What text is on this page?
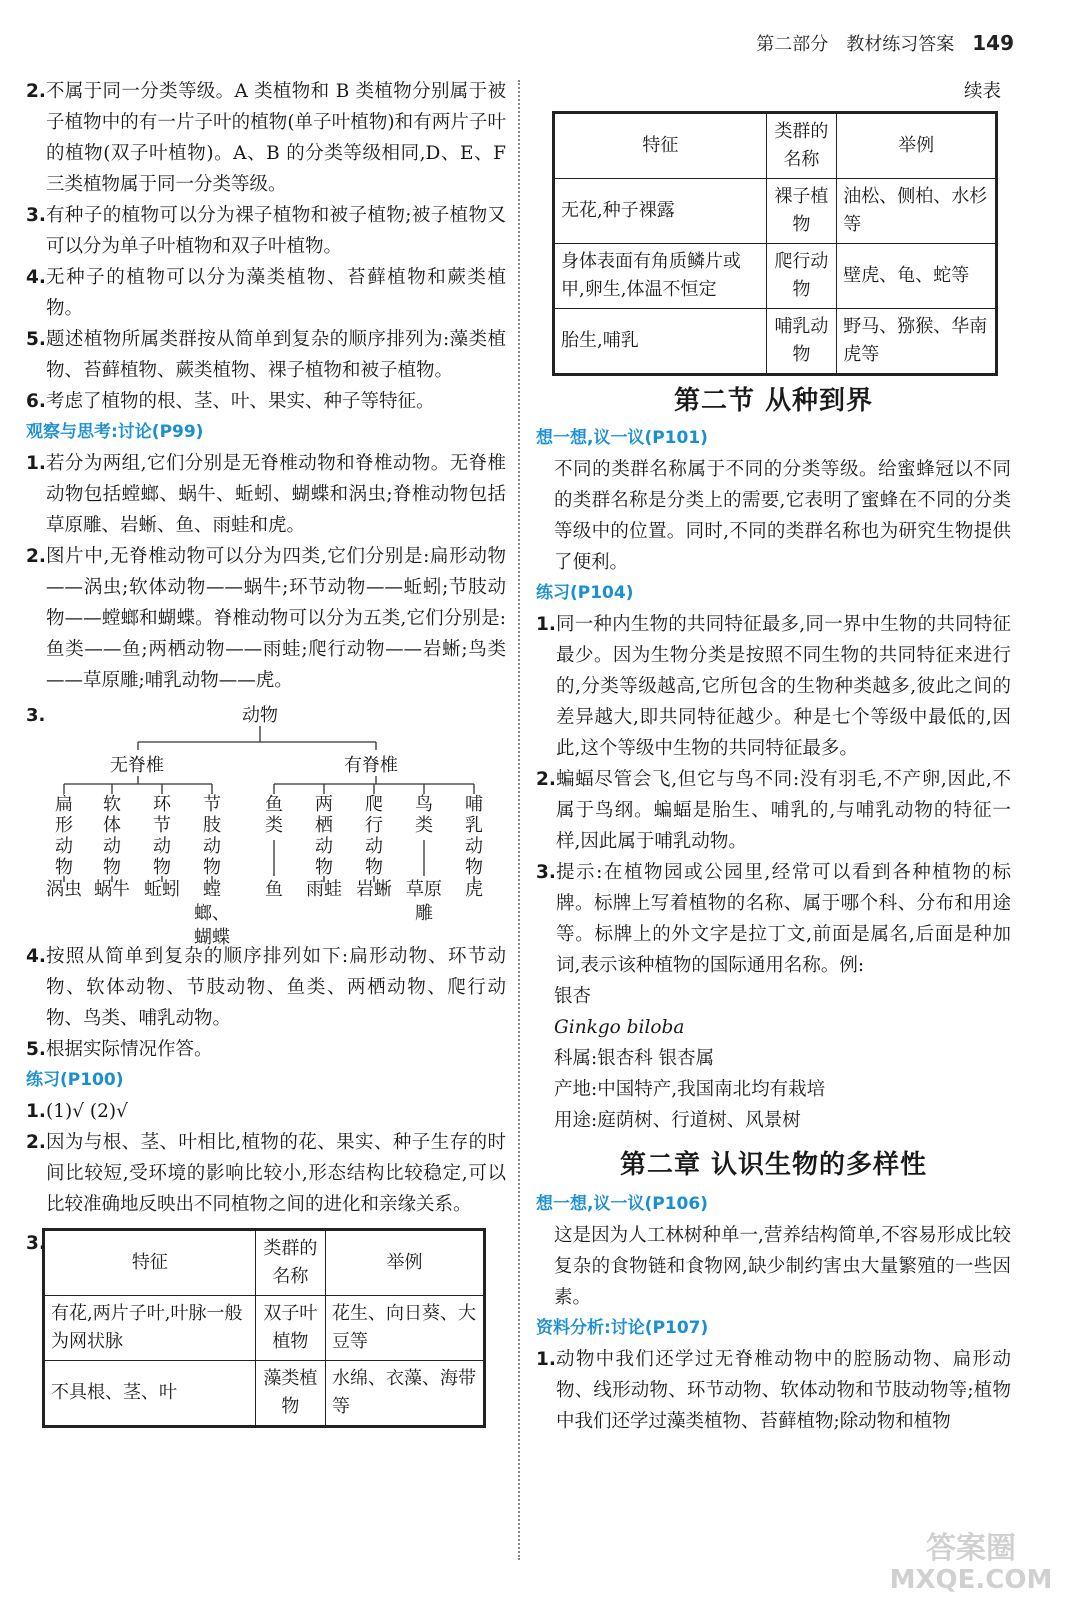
第二部分 教材练习答案 149
2. 不属于同一分类等级。A 类植物和 B 类植物分别属于被子植物中的有一片子叶的植物(单子叶植物)和有两片子叶的植物(双子叶植物)。A、B 的分类等级相同,D、E、F 三类植物属于同一分类等级。
3. 有种子的植物可以分为裸子植物和被子植物;被子植物又可以分为单子叶植物和双子叶植物。
4. 无种子的植物可以分为藻类植物、苔藓植物和蕨类植物。
5. 题述植物所属类群按从简单到复杂的顺序排列为:藻类植物、苔藓植物、蕨类植物、裸子植物和被子植物。
6. 考虑了植物的根、茎、叶、果实、种子等特征。
观察与思考:讨论(P99)
1. 若分为两组,它们分别是无脊椎动物和脊椎动物。无脊椎动物包括螳螂、蜗牛、蚯蚓、蝴蝶和涡虫;脊椎动物包括草原雕、岩蜥、鱼、雨蛙和虎。
2. 图片中,无脊椎动物可以分为四类,它们分别是:扁形动物——涡虫;软体动物——蜗牛;环节动物——蚯蚓;节肢动物——螳螂和蝴蝶。脊椎动物可以分为五类,它们分别是:鱼类——鱼;两栖动物——雨蛙;爬行动物——岩蜥;鸟类——草原雕;哺乳动物——虎。
3.	动物
无脊椎	有脊椎
扁形动物
涡虫
软体动物
蜗牛
环节动物
蚯蚓
节肢动物
螳螂、蝴蝶
鱼类
鱼
两栖动物
雨蛙
爬行动物
岩蜥
鸟类
草原雕
哺乳动物
虎
4. 按照从简单到复杂的顺序排列如下:扁形动物、环节动物、软体动物、节肢动物、鱼类、两栖动物、爬行动物、鸟类、哺乳动物。
5. 根据实际情况作答。
练习(P100)
1. (1)√ (2)√
2. 因为与根、茎、叶相比,植物的花、果实、种子生存的时间比较短,受环境的影响比较小,形态结构比较稳定,可以比较准确地反映出不同植物之间的进化和亲缘关系。
3.
特征	类群的名称	举例
有花,两片子叶,叶脉一般为网状脉	双子叶植物	花生、向日葵、大豆等
不具根、茎、叶	藻类植物	水绵、衣藻、海带等
续表
特征	类群的名称	举例
无花,种子裸露	裸子植物	油松、侧柏、水杉等
身体表面有角质鳞片或甲,卵生,体温不恒定	爬行动物	壁虎、龟、蛇等
胎生,哺乳	哺乳动物	野马、猕猴、华南虎等
第二节 从种到界
想一想,议一议(P101)
不同的类群名称属于不同的分类等级。给蜜蜂冠以不同的类群名称是分类上的需要,它表明了蜜蜂在不同的分类等级中的位置。同时,不同的类群名称也为研究生物提供了便利。
练习(P104)
1. 同一种内生物的共同特征最多,同一界中生物的共同特征最少。因为生物分类是按照不同生物的共同特征来进行的,分类等级越高,它所包含的生物种类越多,彼此之间的差异越大,即共同特征越少。种是七个等级中最低的,因此,这个等级中生物的共同特征最多。
2. 蝙蝠尽管会飞,但它与鸟不同:没有羽毛,不产卵,因此,不属于鸟纲。蝙蝠是胎生、哺乳的,与哺乳动物的特征一样,因此属于哺乳动物。
3. 提示:在植物园或公园里,经常可以看到各种植物的标牌。标牌上写着植物的名称、属于哪个科、分布和用途等。标牌上的外文字是拉丁文,前面是属名,后面是种加词,表示该种植物的国际通用名称。例:
银杏
Ginkgo biloba
科属:银杏科 银杏属
产地:中国特产,我国南北均有栽培
用途:庭荫树、行道树、风景树
第二章 认识生物的多样性
想一想,议一议(P106)
这是因为人工林树种单一,营养结构简单,不容易形成比较复杂的食物链和食物网,缺少制约害虫大量繁殖的一些因素。
资料分析:讨论(P107)
1. 动物中我们还学过无脊椎动物中的腔肠动物、扁形动物、线形动物、环节动物、软体动物和节肢动物等;植物中我们还学过藻类植物、苔藓植物;除动物和植物
答案圈
MXQE.COM
